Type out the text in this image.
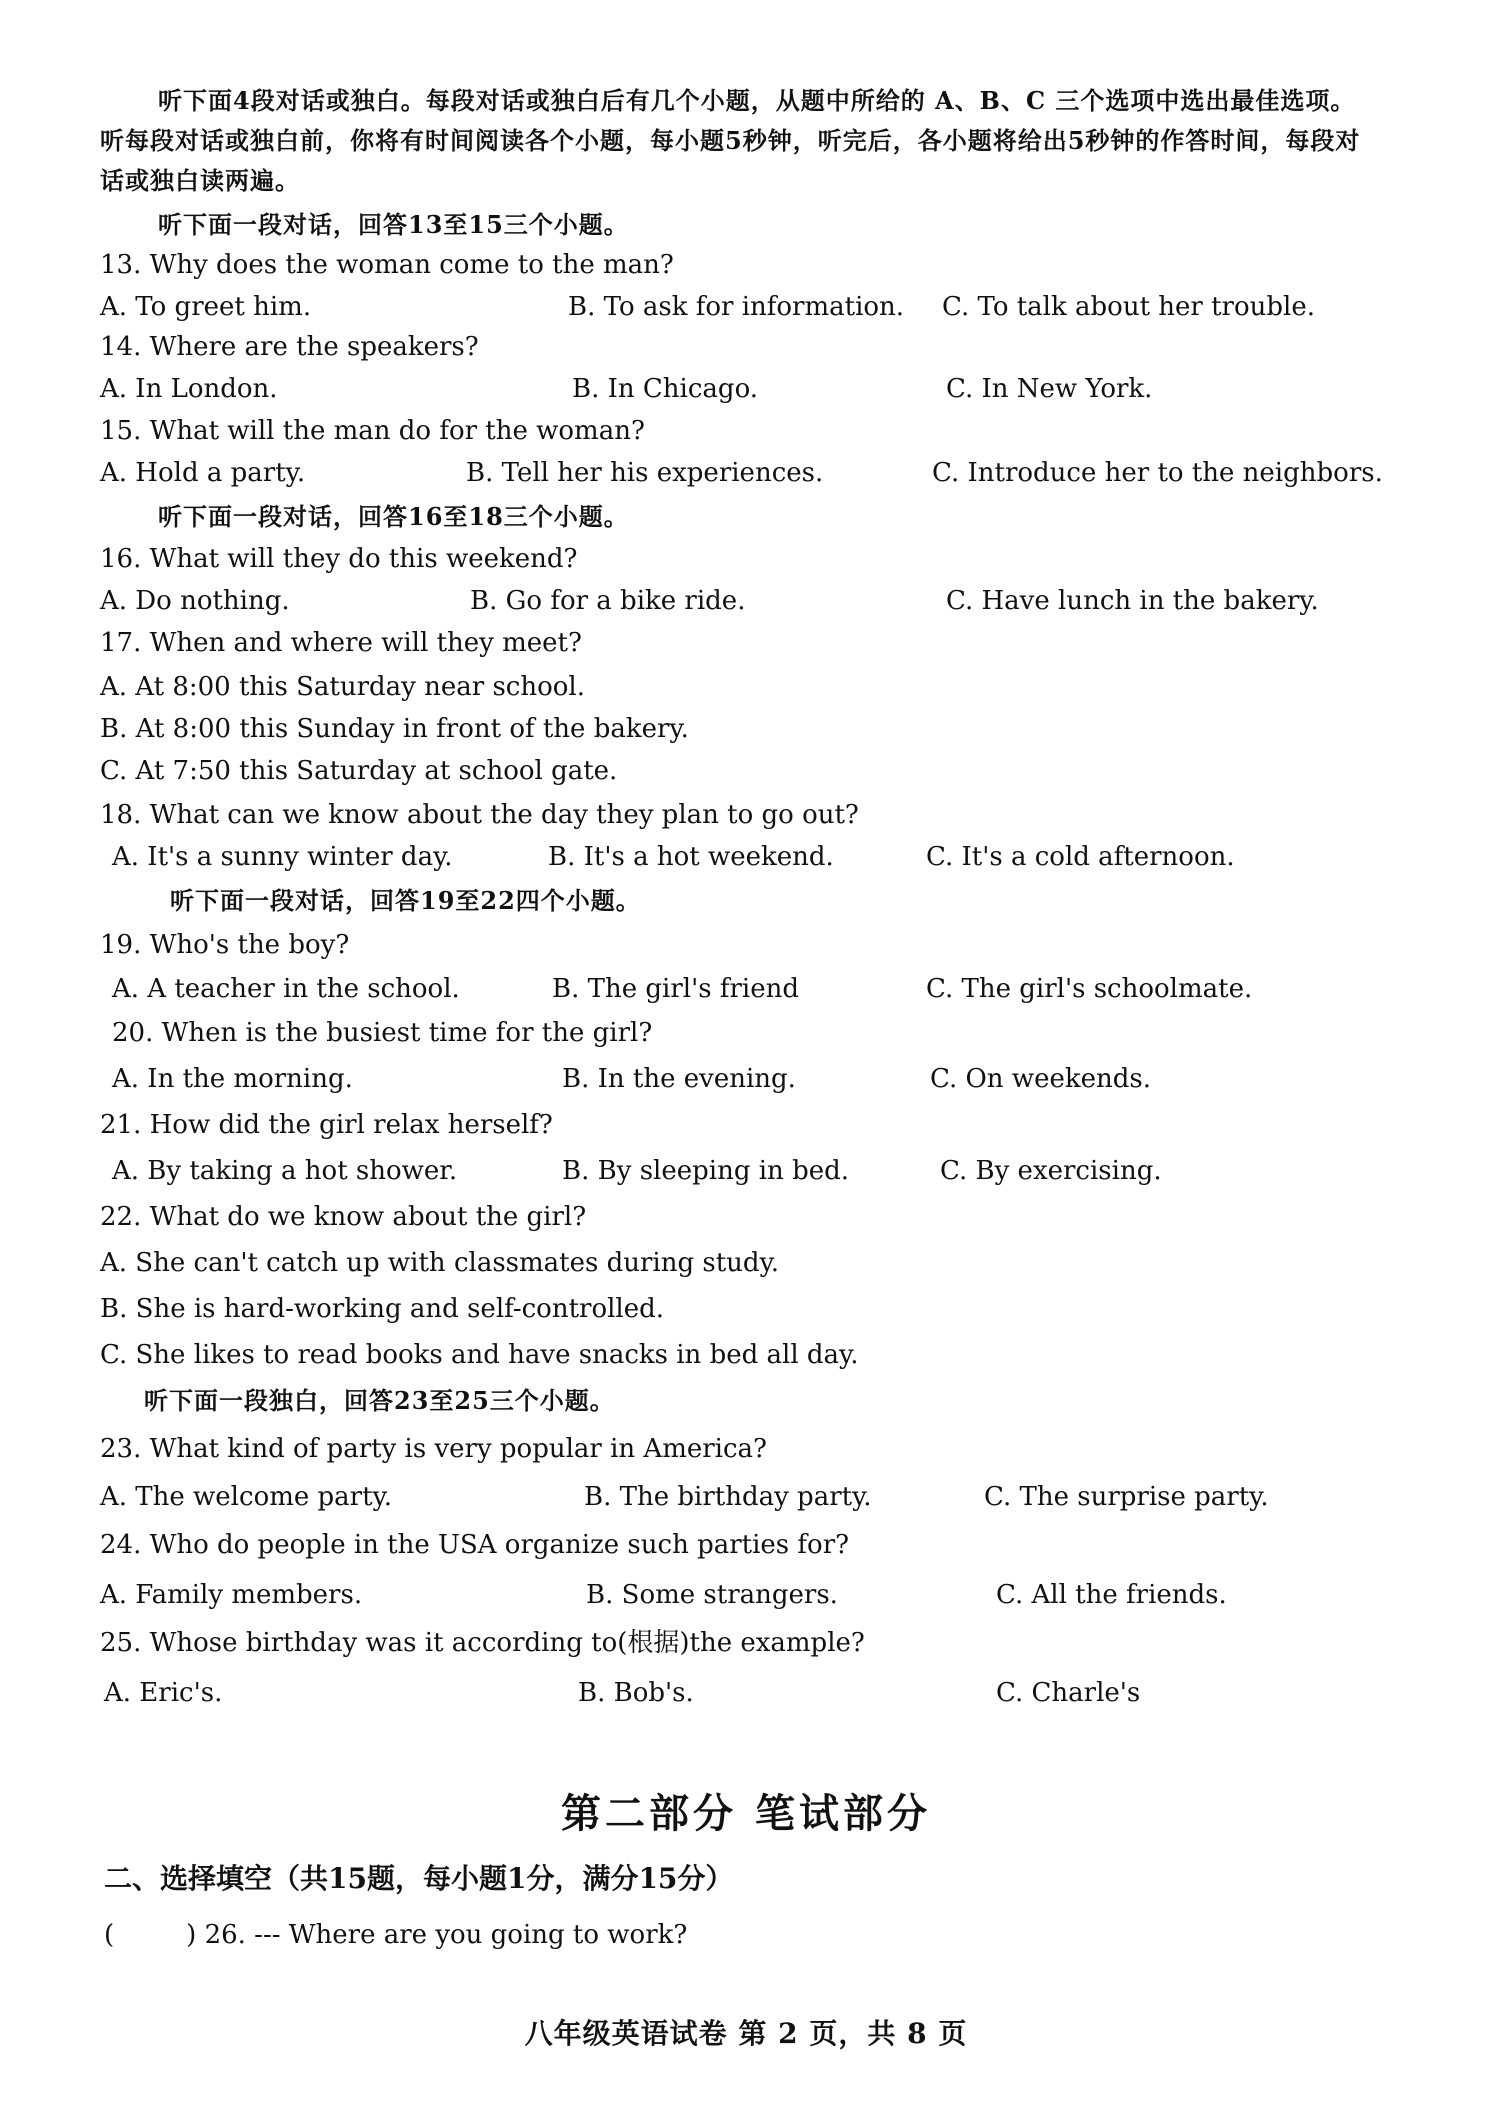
听下面4段对话或独白。每段对话或独白后有几个小题，从题中所给的 A、B、C 三个选项中选出最佳选项。
听每段对话或独白前，你将有时间阅读各个小题，每小题5秒钟，听完后，各小题将给出5秒钟的作答时间，每段对
话或独白读两遍。
听下面一段对话，回答13至15三个小题。
13. Why does the woman come to the man?
A. To greet him.	B. To ask for information. C. To talk about her trouble.
14. Where are the speakers?
A. In London.	B. In Chicago.	C. In New York.
15. What will the man do for the woman?
A. Hold a party.	B. Tell her his experiences.	C. Introduce her to the neighbors.
听下面一段对话，回答16至18三个小题。
16. What will they do this weekend?
A. Do nothing.	B. Go for a bike ride.	C. Have lunch in the bakery.
17. When and where will they meet?
A. At 8:00 this Saturday near school.
B. At 8:00 this Sunday in front of the bakery.
C. At 7:50 this Saturday at school gate.
18. What can we know about the day they plan to go out?
A. It's a sunny winter day.	B. It's a hot weekend.	C. It's a cold afternoon.
听下面一段对话，回答19至22四个小题。
19. Who's the boy?
A. A teacher in the school.	B. The girl's friend	C. The girl's schoolmate.
20. When is the busiest time for the girl?
A. In the morning.	B. In the evening.	C. On weekends.
21. How did the girl relax herself?
A. By taking a hot shower.	B. By sleeping in bed.	C. By exercising.
22. What do we know about the girl?
A. She can't catch up with classmates during study.
B. She is hard-working and self-controlled.
C. She likes to read books and have snacks in bed all day.
听下面一段独白，回答23至25三个小题。
23. What kind of party is very popular in America?
A. The welcome party.	B. The birthday party.	C. The surprise party.
24. Who do people in the USA organize such parties for?
A. Family members.	B. Some strangers.	C. All the friends.
25. Whose birthday was it according to(根据)the example?
A. Eric's.	B. Bob's.	C. Charle's
第二部分 笔试部分
二、选择填空（共15题，每小题1分，满分15分）
(	) 26. --- Where are you going to work?
八年级英语试卷 第 2 页，共 8 页
